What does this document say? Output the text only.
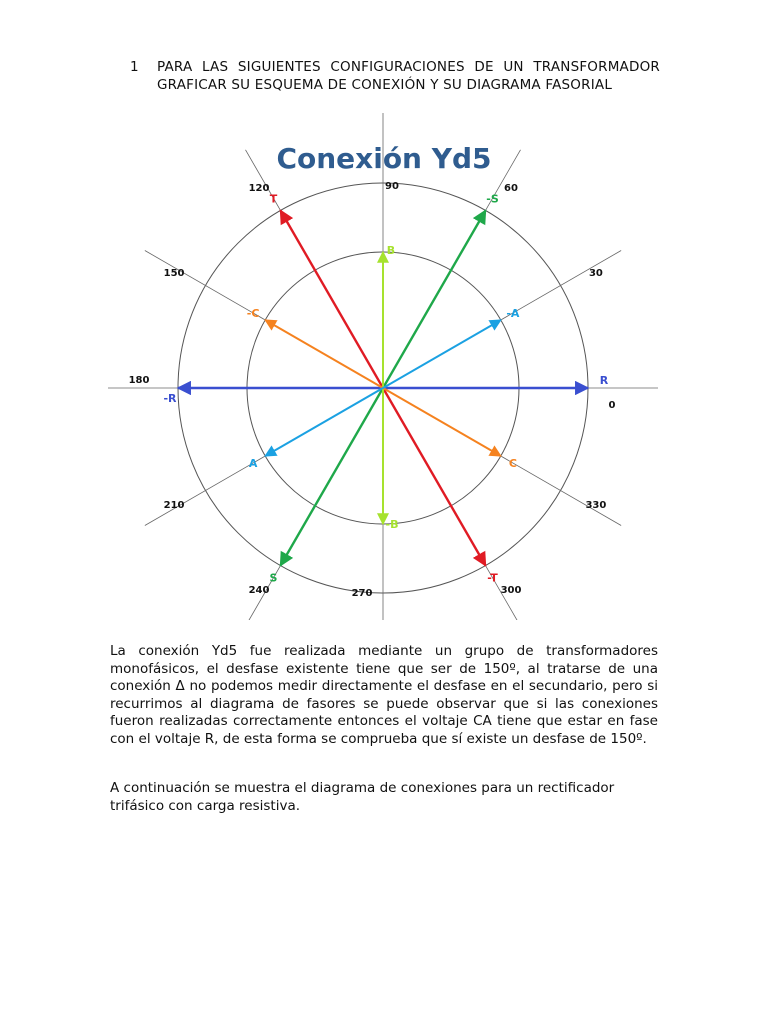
1 PARA LAS SIGUIENTES CONFIGURACIONES DE UN TRANSFORMADOR GRAFICAR SU ESQUEMA DE CONEXIÓN Y SU DIAGRAMA FASORIAL
Conexión Yd5
0
30
60
90
120
150
180
210
240	270	300
330
R
-R
T
-T
S
-S
B
-B
C
-C
A
-A
La conexión Yd5 fue realizada mediante un grupo de transformadores monofásicos, el desfase existente tiene que ser de 150º, al tratarse de una conexión Δ no podemos medir directamente el desfase en el secundario, pero si recurrimos al diagrama de fasores se puede observar que si las conexiones fueron realizadas correctamente entonces el voltaje CA tiene que estar en fase con el voltaje R, de esta forma se comprueba que sí existe un desfase de 150º.
A continuación se muestra el diagrama de conexiones para un rectificador trifásico con carga resistiva.
